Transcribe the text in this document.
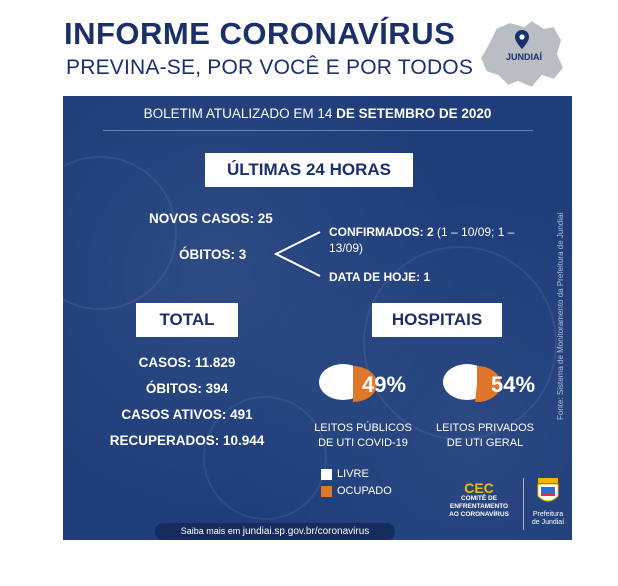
INFORME CORONAVÍRUS
PREVINA-SE, POR VOCÊ E POR TODOS	JUNDIAÍ
BOLETIM ATUALIZADO EM 14 DE SETEMBRO DE 2020
ÚLTIMAS 24 HORAS
NOVOS CASOS: 25
ÓBITOS: 3
CONFIRMADOS: 2 (1 – 10/09; 1 –
13/09)
DATA DE HOJE: 1
TOTAL
CASOS: 11.829
ÓBITOS: 394
CASOS ATIVOS: 491
RECUPERADOS: 10.944
HOSPITAIS
49%	54%
LEITOS PÚBLICOS
DE UTI COVID-19
LEITOS PRIVADOS
DE UTI GERAL
LIVRE
OCUPADO	CEC
COMITÊ DE
ENFRENTAMENTO
AO CORONAVÍRUS	Prefeitura
de Jundiaí
Fonte: Sistema de Monitoramento da Prefeitura de Jundiaí
Saiba mais em jundiai.sp.gov.br/coronavirus
